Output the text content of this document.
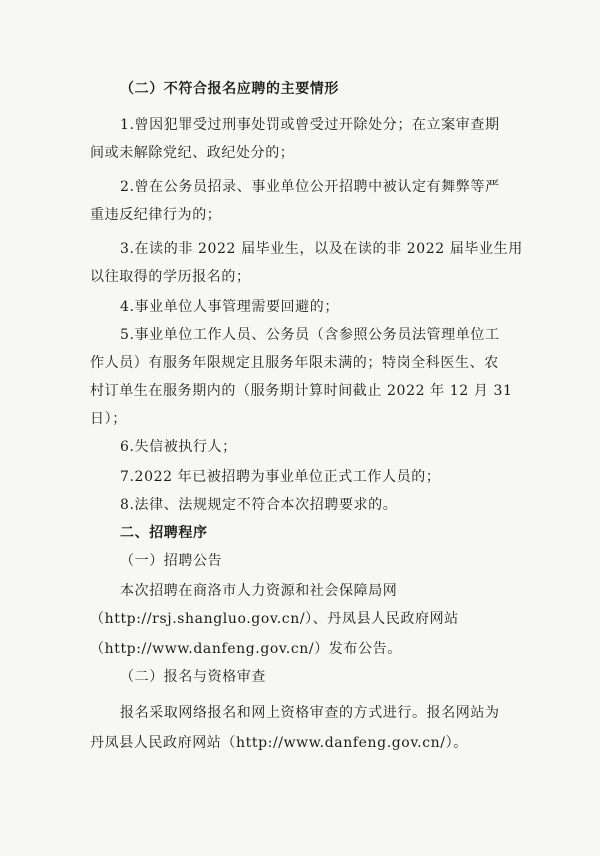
（二）不符合报名应聘的主要情形
1.曾因犯罪受过刑事处罚或曾受过开除处分；在立案审查期
间或未解除党纪、政纪处分的；
2.曾在公务员招录、事业单位公开招聘中被认定有舞弊等严
重违反纪律行为的；
3.在读的非 2022 届毕业生，以及在读的非 2022 届毕业生用
以往取得的学历报名的；
4.事业单位人事管理需要回避的；
5.事业单位工作人员、公务员（含参照公务员法管理单位工
作人员）有服务年限规定且服务年限未满的；特岗全科医生、农
村订单生在服务期内的（服务期计算时间截止 2022 年 12 月 31
日）；
6.失信被执行人；
7.2022 年已被招聘为事业单位正式工作人员的；
8.法律、法规规定不符合本次招聘要求的。
二、招聘程序
（一）招聘公告
本次招聘在商洛市人力资源和社会保障局网
（http://rsj.shangluo.gov.cn/）、丹凤县人民政府网站
（http://www.danfeng.gov.cn/）发布公告。
（二）报名与资格审查
报名采取网络报名和网上资格审查的方式进行。报名网站为
丹凤县人民政府网站（http://www.danfeng.gov.cn/）。
